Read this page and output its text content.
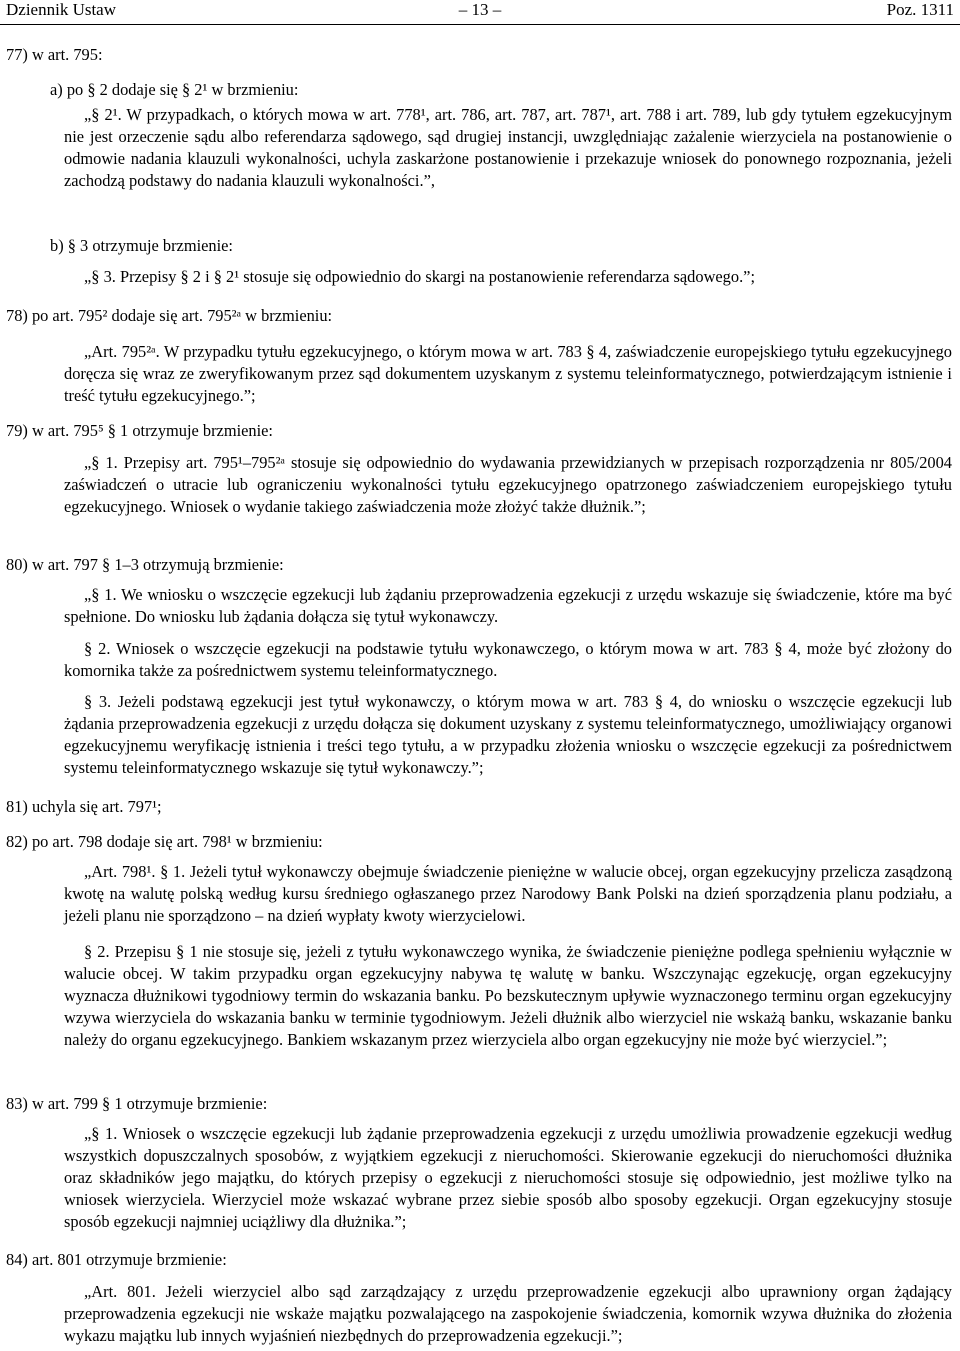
Dziennik Ustaw	– 13 –	Poz. 1311
77) w art. 795:
a) po § 2 dodaje się § 2¹ w brzmieniu:
„§ 2¹. W przypadkach, o których mowa w art. 778¹, art. 786, art. 787, art. 787¹, art. 788 i art. 789, lub gdy tytułem egzekucyjnym nie jest orzeczenie sądu albo referendarza sądowego, sąd drugiej instancji, uwzględniając zażalenie wierzyciela na postanowienie o odmowie nadania klauzuli wykonalności, uchyla zaskarżone postanowienie i przekazuje wniosek do ponownego rozpoznania, jeżeli zachodzą podstawy do nadania klauzuli wykonalności.”,
b) § 3 otrzymuje brzmienie:
„§ 3. Przepisy § 2 i § 2¹ stosuje się odpowiednio do skargi na postanowienie referendarza sądowego.”;
78) po art. 795² dodaje się art. 795²ᵃ w brzmieniu:
„Art. 795²ᵃ. W przypadku tytułu egzekucyjnego, o którym mowa w art. 783 § 4, zaświadczenie europejskiego tytułu egzekucyjnego doręcza się wraz ze zweryfikowanym przez sąd dokumentem uzyskanym z systemu teleinformatycznego, potwierdzającym istnienie i treść tytułu egzekucyjnego.”;
79) w art. 795⁵ § 1 otrzymuje brzmienie:
„§ 1. Przepisy art. 795¹–795²ᵃ stosuje się odpowiednio do wydawania przewidzianych w przepisach rozporządzenia nr 805/2004 zaświadczeń o utracie lub ograniczeniu wykonalności tytułu egzekucyjnego opatrzonego zaświadczeniem europejskiego tytułu egzekucyjnego. Wniosek o wydanie takiego zaświadczenia może złożyć także dłużnik.”;
80) w art. 797 § 1–3 otrzymują brzmienie:
„§ 1. We wniosku o wszczęcie egzekucji lub żądaniu przeprowadzenia egzekucji z urzędu wskazuje się świadczenie, które ma być spełnione. Do wniosku lub żądania dołącza się tytuł wykonawczy.
§ 2. Wniosek o wszczęcie egzekucji na podstawie tytułu wykonawczego, o którym mowa w art. 783 § 4, może być złożony do komornika także za pośrednictwem systemu teleinformatycznego.
§ 3. Jeżeli podstawą egzekucji jest tytuł wykonawczy, o którym mowa w art. 783 § 4, do wniosku o wszczęcie egzekucji lub żądania przeprowadzenia egzekucji z urzędu dołącza się dokument uzyskany z systemu teleinformatycznego, umożliwiający organowi egzekucyjnemu weryfikację istnienia i treści tego tytułu, a w przypadku złożenia wniosku o wszczęcie egzekucji za pośrednictwem systemu teleinformatycznego wskazuje się tytuł wykonawczy.”;
81) uchyla się art. 797¹;
82) po art. 798 dodaje się art. 798¹ w brzmieniu:
„Art. 798¹. § 1. Jeżeli tytuł wykonawczy obejmuje świadczenie pieniężne w walucie obcej, organ egzekucyjny przelicza zasądzoną kwotę na walutę polską według kursu średniego ogłaszanego przez Narodowy Bank Polski na dzień sporządzenia planu podziału, a jeżeli planu nie sporządzono – na dzień wypłaty kwoty wierzycielowi.
§ 2. Przepisu § 1 nie stosuje się, jeżeli z tytułu wykonawczego wynika, że świadczenie pieniężne podlega spełnieniu wyłącznie w walucie obcej. W takim przypadku organ egzekucyjny nabywa tę walutę w banku. Wszczynając egzekucję, organ egzekucyjny wyznacza dłużnikowi tygodniowy termin do wskazania banku. Po bezskutecznym upływie wyznaczonego terminu organ egzekucyjny wzywa wierzyciela do wskazania banku w terminie tygodniowym. Jeżeli dłużnik albo wierzyciel nie wskażą banku, wskazanie banku należy do organu egzekucyjnego. Bankiem wskazanym przez wierzyciela albo organ egzekucyjny nie może być wierzyciel.”;
83) w art. 799 § 1 otrzymuje brzmienie:
„§ 1. Wniosek o wszczęcie egzekucji lub żądanie przeprowadzenia egzekucji z urzędu umożliwia prowadzenie egzekucji według wszystkich dopuszczalnych sposobów, z wyjątkiem egzekucji z nieruchomości. Skierowanie egzekucji do nieruchomości dłużnika oraz składników jego majątku, do których przepisy o egzekucji z nieruchomości stosuje się odpowiednio, jest możliwe tylko na wniosek wierzyciela. Wierzyciel może wskazać wybrane przez siebie sposób albo sposoby egzekucji. Organ egzekucyjny stosuje sposób egzekucji najmniej uciążliwy dla dłużnika.”;
84) art. 801 otrzymuje brzmienie:
„Art. 801. Jeżeli wierzyciel albo sąd zarządzający z urzędu przeprowadzenie egzekucji albo uprawniony organ żądający przeprowadzenia egzekucji nie wskaże majątku pozwalającego na zaspokojenie świadczenia, komornik wzywa dłużnika do złożenia wykazu majątku lub innych wyjaśnień niezbędnych do przeprowadzenia egzekucji.”;
